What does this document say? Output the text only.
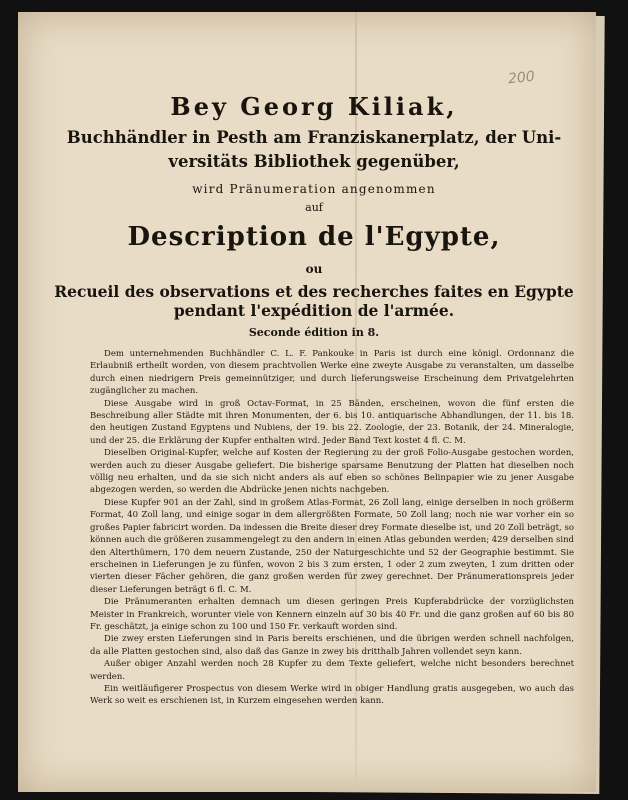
200
Bey Georg Kiliak,
Buchhändler in Pesth am Franziskanerplatz, der Uni-
versitäts Bibliothek gegenüber,
wird Pränumeration angenommen
auf
Description de l'Egypte,
ou
Recueil des observations et des recherches faites en Egypte
pendant l'expédition de l'armée.
Seconde édition in 8.

Dem unternehmenden Buchhändler C. L. F. Pankouke in Paris ist durch eine königl. Ordonnanz die Erlaubniß ertheilt worden, von diesem prachtvollen Werke eine zweyte Ausgabe zu veranstalten, um dasselbe durch einen niedrigern Preis gemeinnütziger, und durch lieferungsweise Erscheinung dem Privatgelehrten zugänglicher zu machen.

Diese Ausgabe wird in groß Octav-Format, in 25 Bänden, erscheinen, wovon die fünf ersten die Beschreibung aller Städte mit ihren Monumenten, der 6. bis 10. antiquarische Abhandlungen, der 11. bis 18. den heutigen Zustand Egyptens und Nubiens, der 19. bis 22. Zoologie, der 23. Botanik, der 24. Mineralogie, und der 25. die Erklärung der Kupfer enthalten wird. Jeder Band Text kostet 4 fl. C. M.

Dieselben Original-Kupfer, welche auf Kosten der Regierung zu der groß Folio-Ausgabe gestochen worden, werden auch zu dieser Ausgabe geliefert. Die bisherige sparsame Benutzung der Platten hat dieselben noch völlig neu erhalten, und da sie sich nicht anders als auf eben so schönes Belinpapier wie zu jener Ausgabe abgezogen werden, so werden die Abdrücke jenen nichts nachgeben.

Diese Kupfer 901 an der Zahl, sind in großem Atlas-Format, 26 Zoll lang, einige derselben in noch größerm Format, 40 Zoll lang, und einige sogar in dem allergrößten Formate, 50 Zoll lang; noch nie war vorher ein so großes Papier fabricirt worden. Da indessen die Breite dieser drey Formate dieselbe ist, und 20 Zoll beträgt, so können auch die größeren zusammengelegt zu den andern in einen Atlas gebunden werden; 429 derselben sind den Alterthümern, 170 dem neuern Zustande, 250 der Naturgeschichte und 52 der Geographie bestimmt. Sie erscheinen in Lieferungen je zu fünfen, wovon 2 bis 3 zum ersten, 1 oder 2 zum zweyten, 1 zum dritten oder vierten dieser Fächer gehören, die ganz großen werden für zwey gerechnet. Der Pränumerationspreis jeder dieser Lieferungen beträgt 6 fl. C. M.

Die Pränumeranten erhalten demnach um diesen geringen Preis Kupferabdrücke der vorzüglichsten Meister in Frankreich, worunter viele von Kennern einzeln auf 30 bis 40 Fr. und die ganz großen auf 60 bis 80 Fr. geschätzt, ja einige schon zu 100 und 150 Fr. verkauft worden sind.

Die zwey ersten Lieferungen sind in Paris bereits erschienen, und die übrigen werden schnell nachfolgen, da alle Platten gestochen sind, also daß das Ganze in zwey bis dritthalb Jahren vollendet seyn kann.

Außer obiger Anzahl werden noch 28 Kupfer zu dem Texte geliefert, welche nicht besonders berechnet werden.

Ein weitläufigerer Prospectus von diesem Werke wird in obiger Handlung gratis ausgegeben, wo auch das Werk so weit es erschienen ist, in Kurzem eingesehen werden kann.
